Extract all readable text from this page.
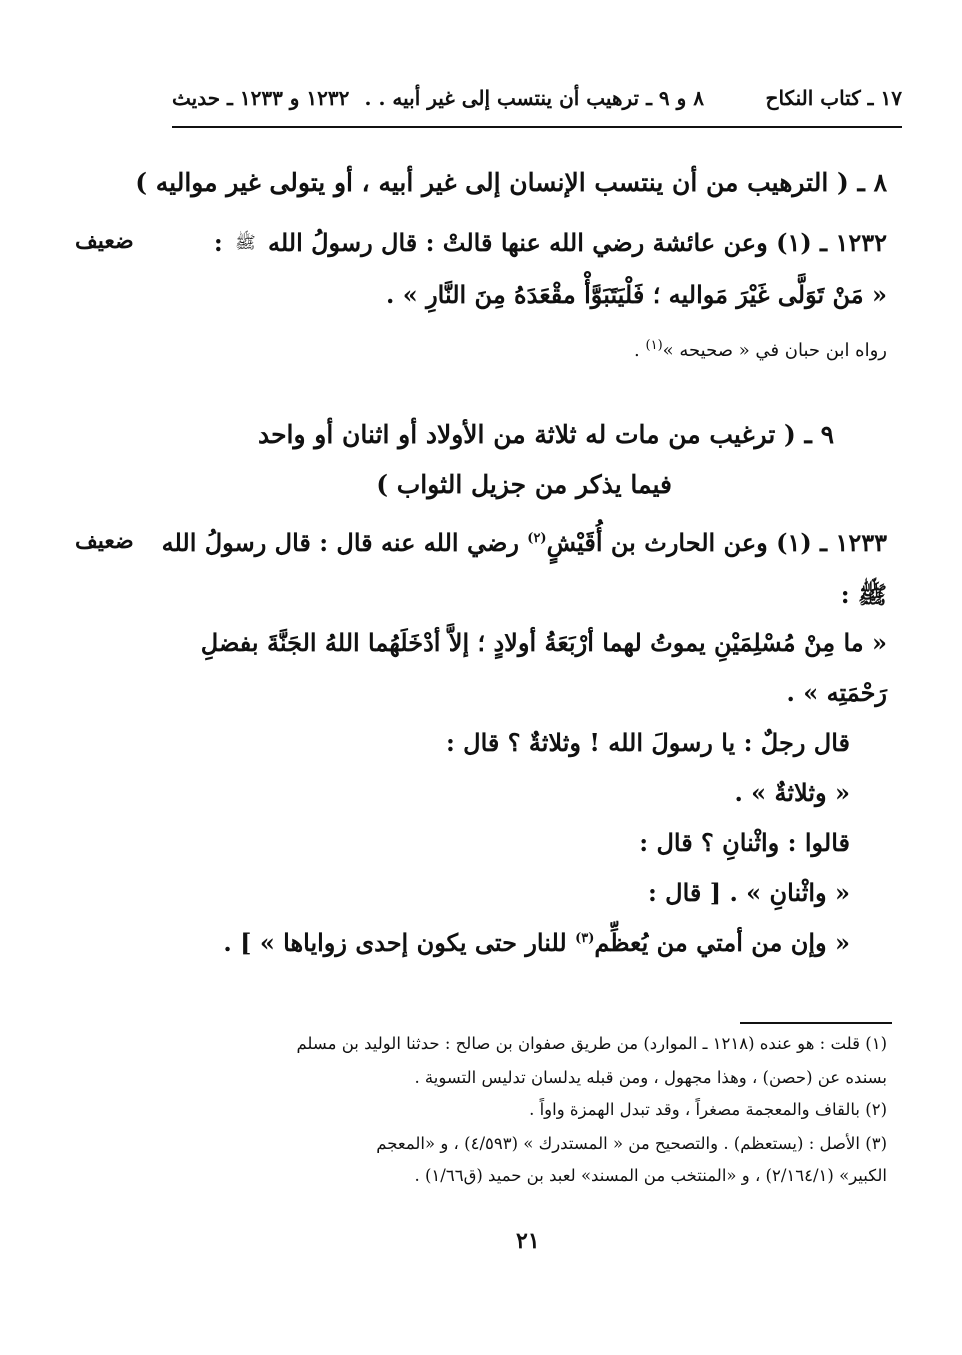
١٧ ـ كتاب النكاح
٨ و ٩ ـ ترهيب أن ينتسب إلى غير أبيه . .
١٢٣٢ و ١٢٣٣ ـ حديث
٨ ـ ( الترهيب من أن ينتسب الإنسان إلى غير أبيه ، أو يتولى غير مواليه )
ضعيف	١٢٣٢ ـ (١) وعن عائشة رضي الله عنها قالتْ : قال رسولُ الله ﷺ :
« مَنْ تَوَلَّى غَيْرَ مَواليه ؛ فَلْيَتَبَوَّأْ مقْعَدَهُ مِنَ النَّارِ » .
رواه ابن حبان في « صحيحه »$^{(١)}$ .
٩ ـ ( ترغيب من مات له ثلاثة من الأولاد أو اثنان أو واحد
فيما يذكر من جزيل الثواب )
ضعيف	١٢٣٣ ـ (١) وعن الحارث بن أُقَيْشٍ$^{(٢)}$ رضي الله عنه قال : قال رسولُ الله
ﷺ :
« ما مِنْ مُسْلِمَيْنِ يموتُ لهما أرْبَعَةُ أولادٍ ؛ إلاَّ أدْخَلَهُما اللهُ الجَنَّةَ بفضلِ
رَحْمَتِه » .
قال رجلٌ : يا رسولَ الله ! وثلاثةٌ ؟ قال :
« وثلاثةٌ » .
قالوا : واثْنانِ ؟ قال :
« واثْنانِ » . [ قال :
« وإن من أمتي من يُعظِّم$^{(٣)}$ للنار حتى يكون إحدى زواياها » ] .
(١) قلت : هو عنده (١٢١٨ ـ الموارد) من طريق صفوان بن صالح : حدثنا الوليد بن مسلم
بسنده عن (حصن) ، وهذا مجهول ، ومن قبله يدلسان تدليس التسوية .
(٢) بالقاف والمعجمة مصغراً ، وقد تبدل الهمزة واواً .
(٣) الأصل : (يستعظم) . والتصحيح من « المستدرك » (٤/٥٩٣) ، و «المعجم
الكبير» (٢/١٦٤/١) ، و «المنتخب من المسند» لعبد بن حميد (ق١/٦٦) .
٢١
